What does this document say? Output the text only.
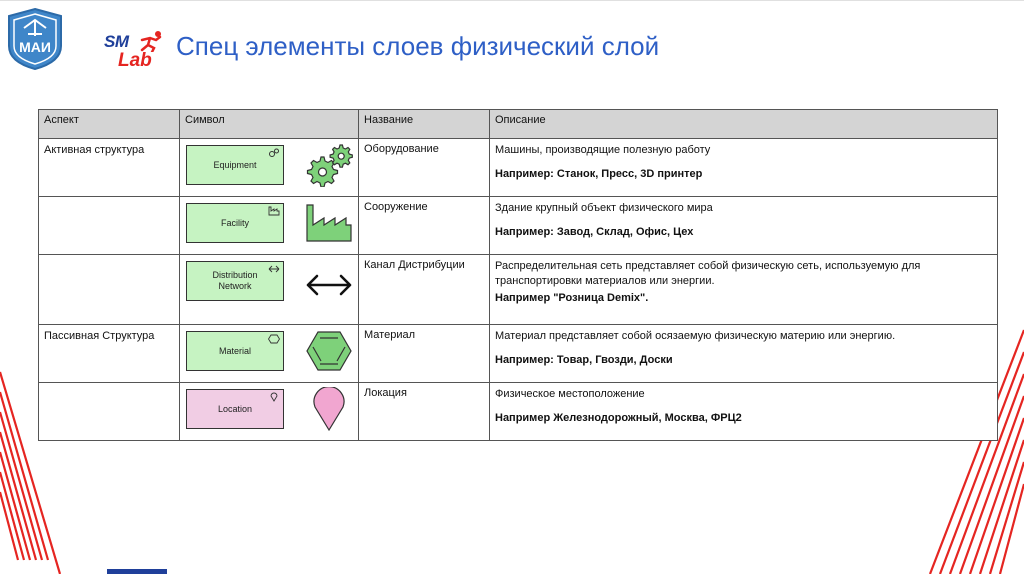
МАИ	SM
Lab Спец элементы слоев физический слой
Аспект	Символ	Название	Описание
Активная структура	Equipment	Оборудование	Машины, производящие полезную работу
Например: Станок, Пресс, 3D принтер

	Facility	Сооружение	Здание крупный объект физического мира
Например: Завод, Склад, Офис, Цех

	Distribution Network	Канал Дистрибуции	Распределительная сеть представляет собой физическую сеть, используемую для транспортировки материалов или энергии.
Например "Розница Demix".

Пассивная Структура	Material	Материал	Материал представляет собой осязаемую физическую материю или энергию.
Например: Товар, Гвозди, Доски

	Location	Локация	Физическое местоположение
Например Железнодорожный, Москва, ФРЦ2
